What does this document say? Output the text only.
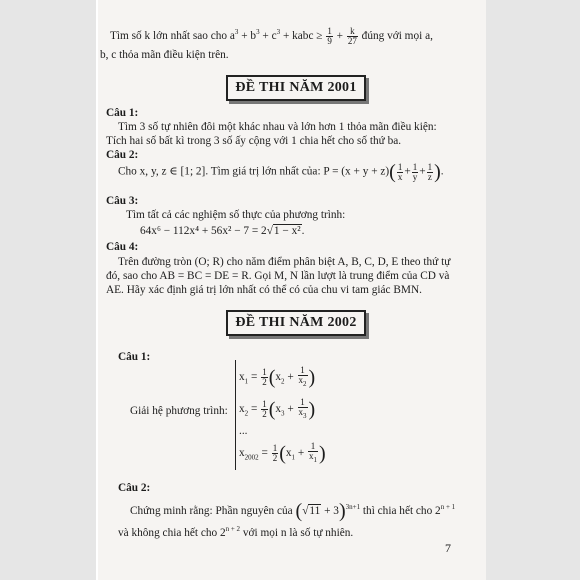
Tìm số k lớn nhất sao cho $a^3 + b^3 + c^3$ + kabc ≥ $\frac{1}{9} + \frac{k}{27}$ đúng với mọi a,
b, c thỏa mãn điều kiện trên.
ĐỀ THI NĂM 2001
Câu 1:
Tìm 3 số tự nhiên đôi một khác nhau và lớn hơn 1 thỏa mãn điều kiện:
Tích hai số bất kì trong 3 số ấy cộng với 1 chia hết cho số thứ ba.
Câu 2:
Cho x, y, z ∈ [1; 2]. Tìm giá trị lớn nhất của: $P = (x + y + z)( \frac{1}{x} + \frac{1}{y} + \frac{1}{z}$ ).
Câu 3:
Tìm tất cả các nghiệm số thực của phương trình:
64x⁶ − 112x⁴ + 56x² − 7 = 2√1 − x².
Câu 4:
Trên đường tròn (O; R) cho năm điểm phân biệt A, B, C, D, E theo thứ tự
đó, sao cho AB = BC = DE = R. Gọi M, N lần lượt là trung điểm của CD và
AE. Hãy xác định giá trị lớn nhất có thể có của chu vi tam giác BMN.
ĐỀ THI NĂM 2002
Câu 1:
Giải hệ phương trình:
$x_1 = \frac{1}{2} (x_2 + \frac{1}{x_2}$ )
$x_2 = \frac{1}{2} (x_3 + \frac{1}{x_3}$ )
...
$x_{2002} = \frac{1}{2} (x_1 + \frac{1}{x_1}$ )
Câu 2:
Chứng minh rằng: Phần nguyên của $(√11 + 3)^{3n+1}$ thì chia hết cho $2^{n + 1}$
và không chia hết cho $2^{n + 2}$ với mọi n là số tự nhiên.
7
